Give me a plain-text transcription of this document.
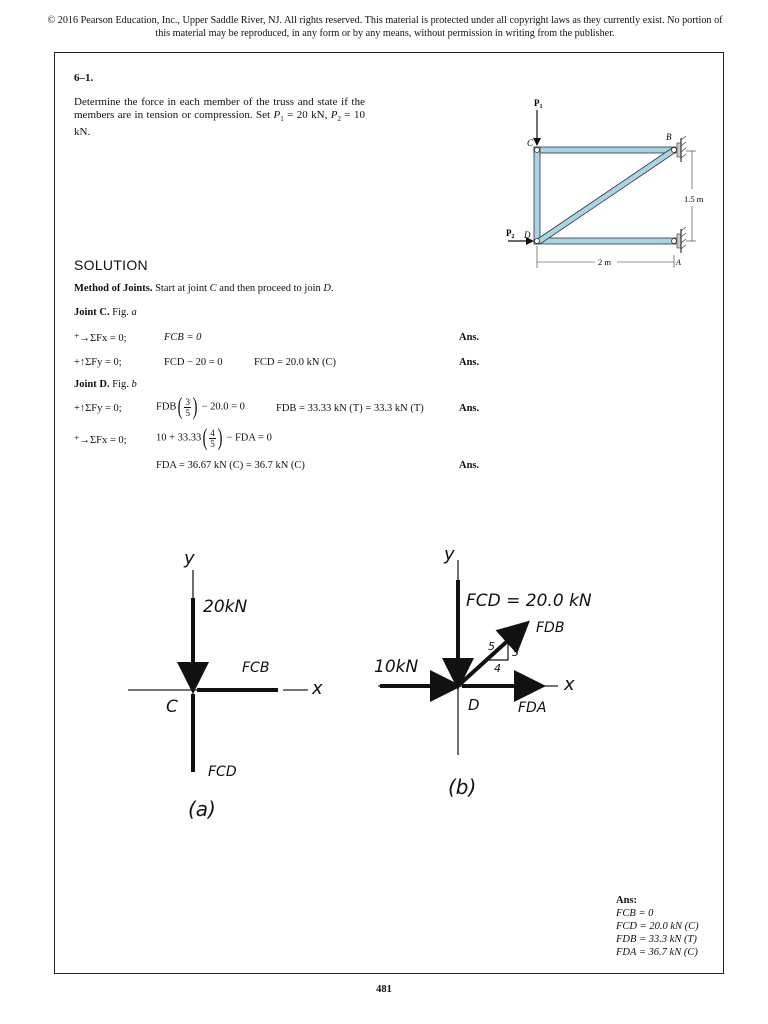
© 2016 Pearson Education, Inc., Upper Saddle River, NJ. All rights reserved. This material is protected under all copyright laws as they currently exist. No portion of this material may be reproduced, in any form or by any means, without permission in writing from the publisher.
6–1.
Determine the force in each member of the truss and state if the members are in tension or compression. Set $P_1 = 20$ kN, $P_2 = 10$ kN.
$P_1$
$P_2$
C
B
D
A
1.5 m
2 m
SOLUTION
Method of Joints. Start at joint C and then proceed to join D.
Joint C. Fig. a
⁺→ΣFx = 0;	FCB = 0	Ans.
+↑ΣFy = 0;	FCD − 20 = 0	FCD = 20.0 kN (C)	Ans.
Joint D. Fig. b
+↑ΣFy = 0;	$FDB( \frac{3}{5}$ ) − 20.0 = 0	FDB = 33.33 kN (T) = 33.3 kN (T)	Ans.
⁺→ΣFx = 0;	$10 + 33.33( \frac{4}{5}$ ) − FDA = 0
FDA = 36.67 kN (C) = 36.7 kN (C)	Ans.
y
20kN
FCB
x
C
FCD
(a)
y
FCD = 20.0 kN
FDB
5 3
4
10kN
x
D	FDA
(b)
Ans:
FCB = 0
FCD = 20.0 kN (C)
FDB = 33.3 kN (T)
FDA = 36.7 kN (C)
481
